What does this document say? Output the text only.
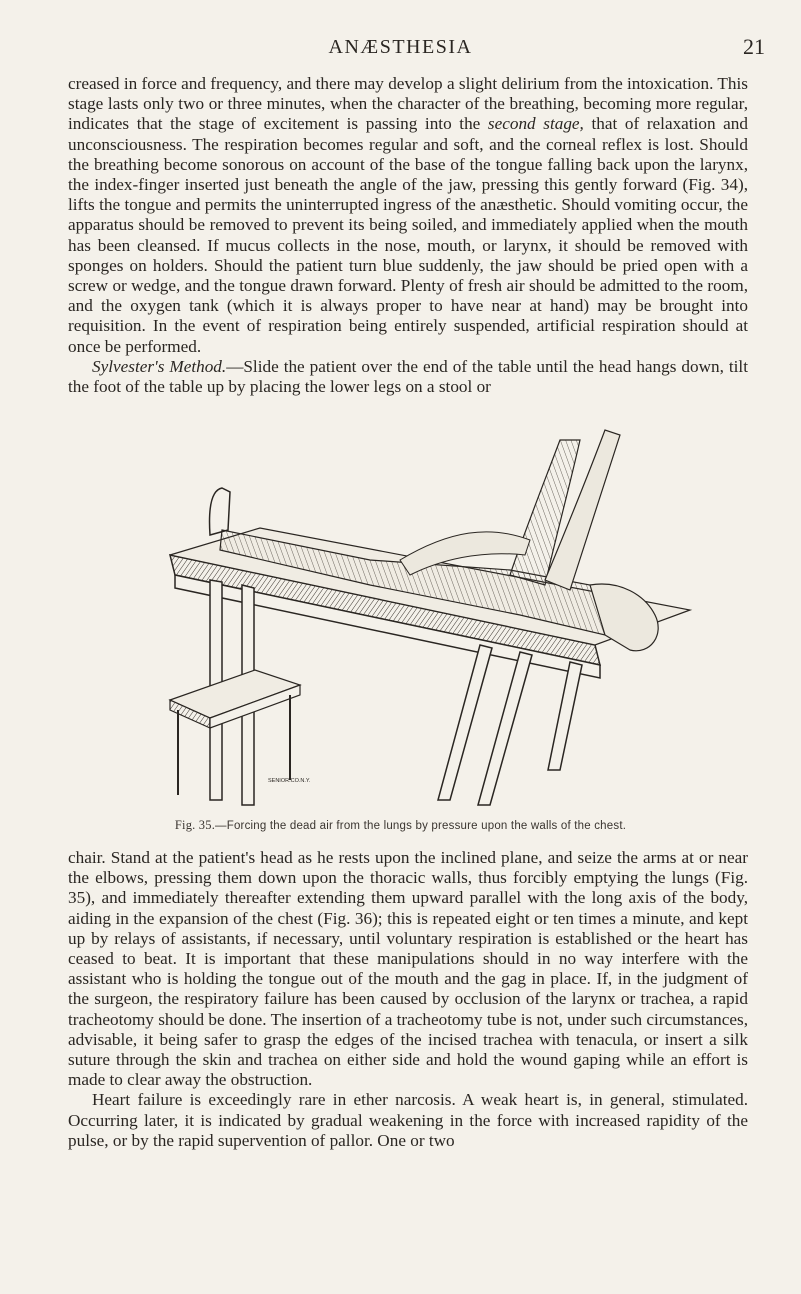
ANÆSTHESIA	21

creased in force and frequency, and there may develop a slight delirium from the intoxication. This stage lasts only two or three minutes, when the character of the breathing, becoming more regular, indicates that the stage of excitement is passing into the second stage, that of relaxation and unconsciousness. The respiration becomes regular and soft, and the corneal reflex is lost. Should the breathing become sonorous on account of the base of the tongue falling back upon the larynx, the index-finger inserted just beneath the angle of the jaw, pressing this gently forward (Fig. 34), lifts the tongue and permits the uninterrupted ingress of the anæsthetic. Should vomiting occur, the apparatus should be removed to prevent its being soiled, and immediately applied when the mouth has been cleansed. If mucus collects in the nose, mouth, or larynx, it should be removed with sponges on holders. Should the patient turn blue suddenly, the jaw should be pried open with a screw or wedge, and the tongue drawn forward. Plenty of fresh air should be admitted to the room, and the oxygen tank (which it is always proper to have near at hand) may be brought into requisition. In the event of respiration being entirely suspended, artificial respiration should at once be performed.

Sylvester's Method.—Slide the patient over the end of the table until the head hangs down, tilt the foot of the table up by placing the lower legs on a stool or

SENIOR.CO.N.Y.
Fig. 35.—Forcing the dead air from the lungs by pressure upon the walls of the chest.

chair. Stand at the patient's head as he rests upon the inclined plane, and seize the arms at or near the elbows, pressing them down upon the thoracic walls, thus forcibly emptying the lungs (Fig. 35), and immediately thereafter extending them upward parallel with the long axis of the body, aiding in the expansion of the chest (Fig. 36); this is repeated eight or ten times a minute, and kept up by relays of assistants, if necessary, until voluntary respiration is established or the heart has ceased to beat. It is important that these manipulations should in no way interfere with the assistant who is holding the tongue out of the mouth and the gag in place. If, in the judgment of the surgeon, the respiratory failure has been caused by occlusion of the larynx or trachea, a rapid tracheotomy should be done. The insertion of a tracheotomy tube is not, under such circumstances, advisable, it being safer to grasp the edges of the incised trachea with tenacula, or insert a silk suture through the skin and trachea on either side and hold the wound gaping while an effort is made to clear away the obstruction.

Heart failure is exceedingly rare in ether narcosis. A weak heart is, in general, stimulated. Occurring later, it is indicated by gradual weakening in the force with increased rapidity of the pulse, or by the rapid supervention of pallor. One or two
